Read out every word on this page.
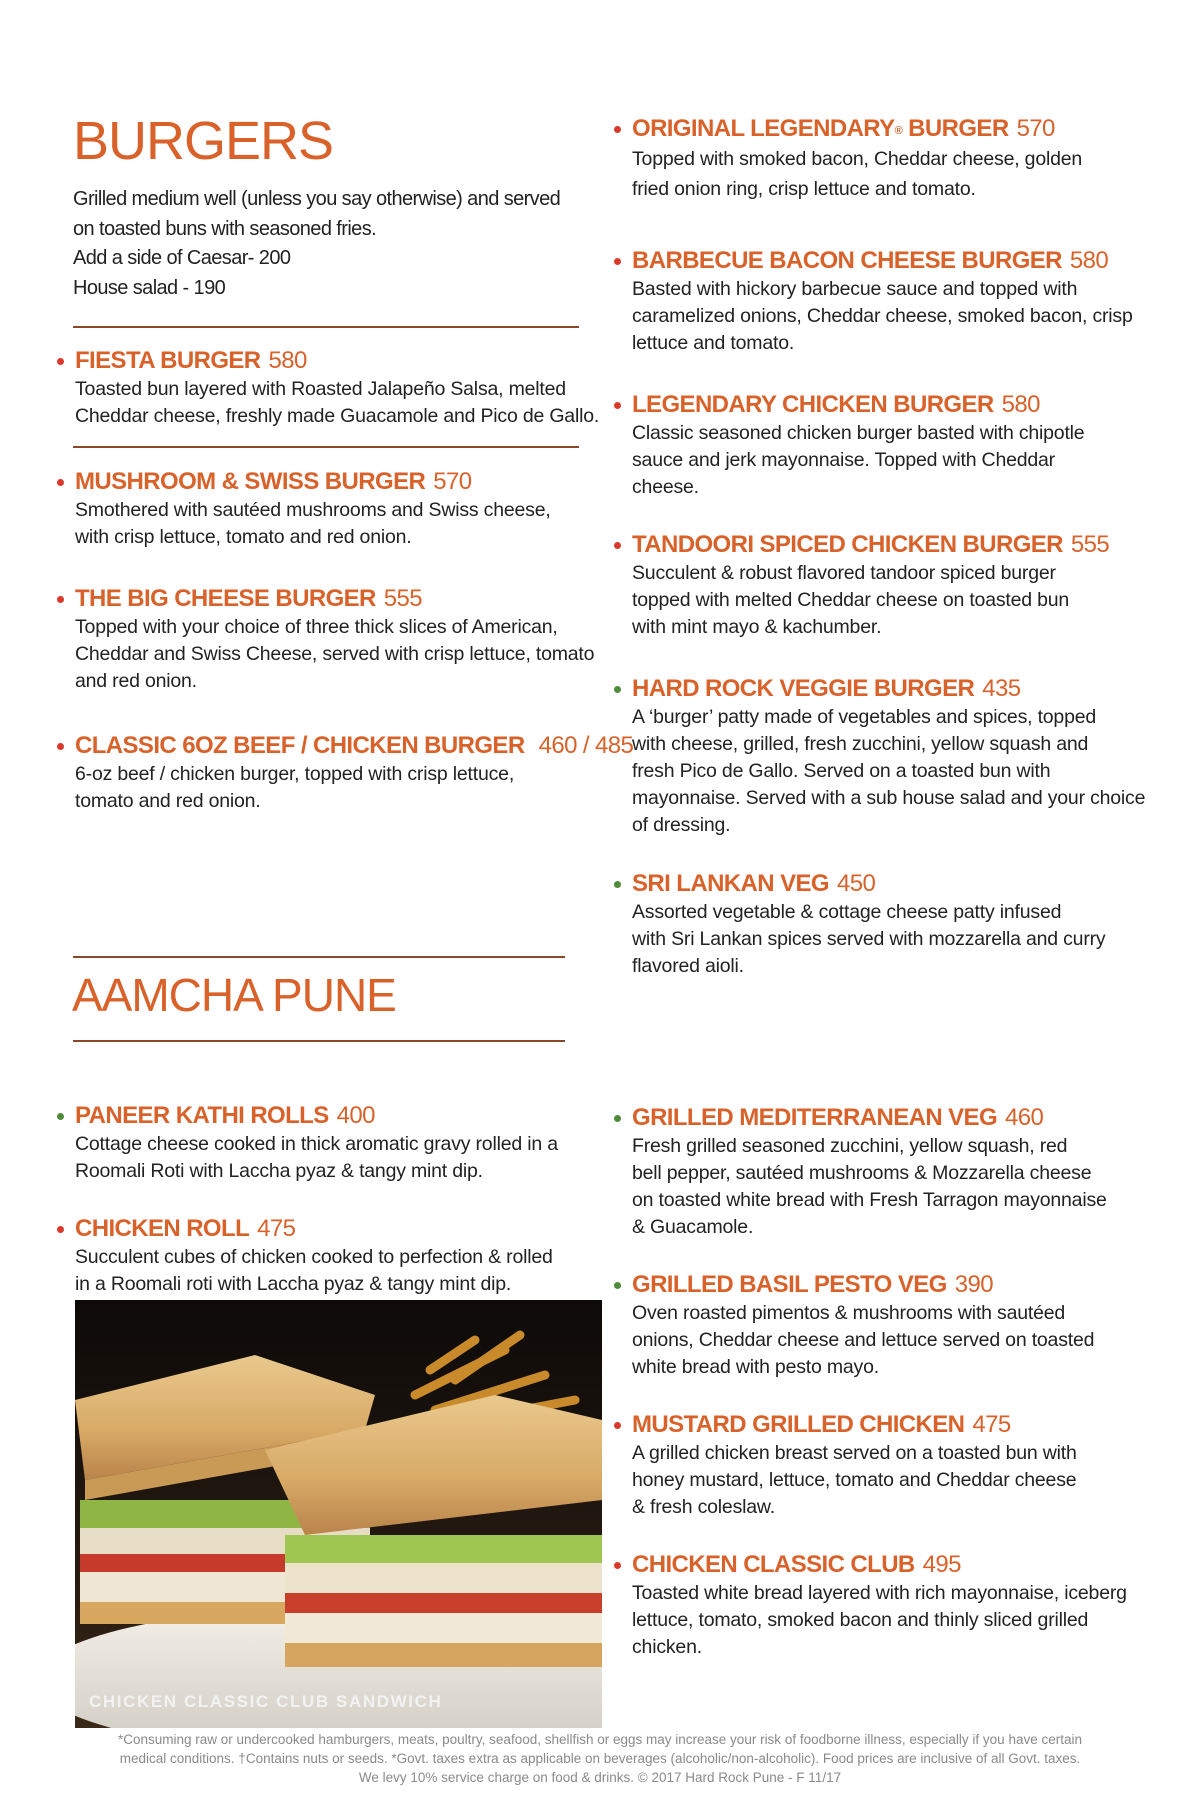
BURGERS
Grilled medium well (unless you say otherwise) and served
on toasted buns with seasoned fries.
Add a side of Caesar- 200
House salad - 190
FIESTA BURGER 580
Toasted bun layered with Roasted Jalapeño Salsa, melted
Cheddar cheese, freshly made Guacamole and Pico de Gallo.
MUSHROOM & SWISS BURGER 570
Smothered with sautéed mushrooms and Swiss cheese,
with crisp lettuce, tomato and red onion.
THE BIG CHEESE BURGER 555
Topped with your choice of three thick slices of American,
Cheddar and Swiss Cheese, served with crisp lettuce, tomato
and red onion.
CLASSIC 6OZ BEEF / CHICKEN BURGER 460 / 485
6-oz beef / chicken burger, topped with crisp lettuce,
tomato and red onion.
ORIGINAL LEGENDARY® BURGER 570
Topped with smoked bacon, Cheddar cheese, golden
fried onion ring, crisp lettuce and tomato.
BARBECUE BACON CHEESE BURGER 580
Basted with hickory barbecue sauce and topped with
caramelized onions, Cheddar cheese, smoked bacon, crisp
lettuce and tomato.
LEGENDARY CHICKEN BURGER 580
Classic seasoned chicken burger basted with chipotle
sauce and jerk mayonnaise. Topped with Cheddar
cheese.
TANDOORI SPICED CHICKEN BURGER 555
Succulent & robust flavored tandoor spiced burger
topped with melted Cheddar cheese on toasted bun
with mint mayo & kachumber.
HARD ROCK VEGGIE BURGER 435
A ‘burger’ patty made of vegetables and spices, topped
with cheese, grilled, fresh zucchini, yellow squash and
fresh Pico de Gallo. Served on a toasted bun with
mayonnaise. Served with a sub house salad and your choice
of dressing.
SRI LANKAN VEG 450
Assorted vegetable & cottage cheese patty infused
with Sri Lankan spices served with mozzarella and curry
flavored aioli.
AAMCHA PUNE
PANEER KATHI ROLLS 400
Cottage cheese cooked in thick aromatic gravy rolled in a
Roomali Roti with Laccha pyaz & tangy mint dip.
CHICKEN ROLL 475
Succulent cubes of chicken cooked to perfection & rolled
in a Roomali roti with Laccha pyaz & tangy mint dip.
CHICKEN CLASSIC CLUB SANDWICH
GRILLED MEDITERRANEAN VEG 460
Fresh grilled seasoned zucchini, yellow squash, red
bell pepper, sautéed mushrooms & Mozzarella cheese
on toasted white bread with Fresh Tarragon mayonnaise
& Guacamole.
GRILLED BASIL PESTO VEG 390
Oven roasted pimentos & mushrooms with sautéed
onions, Cheddar cheese and lettuce served on toasted
white bread with pesto mayo.
MUSTARD GRILLED CHICKEN 475
A grilled chicken breast served on a toasted bun with
honey mustard, lettuce, tomato and Cheddar cheese
& fresh coleslaw.
CHICKEN CLASSIC CLUB 495
Toasted white bread layered with rich mayonnaise, iceberg
lettuce, tomato, smoked bacon and thinly sliced grilled
chicken.
*Consuming raw or undercooked hamburgers, meats, poultry, seafood, shellfish or eggs may increase your risk of foodborne illness, especially if you have certain
medical conditions. †Contains nuts or seeds. *Govt. taxes extra as applicable on beverages (alcoholic/non-alcoholic). Food prices are inclusive of all Govt. taxes.
We levy 10% service charge on food & drinks. © 2017 Hard Rock Pune - F 11/17
